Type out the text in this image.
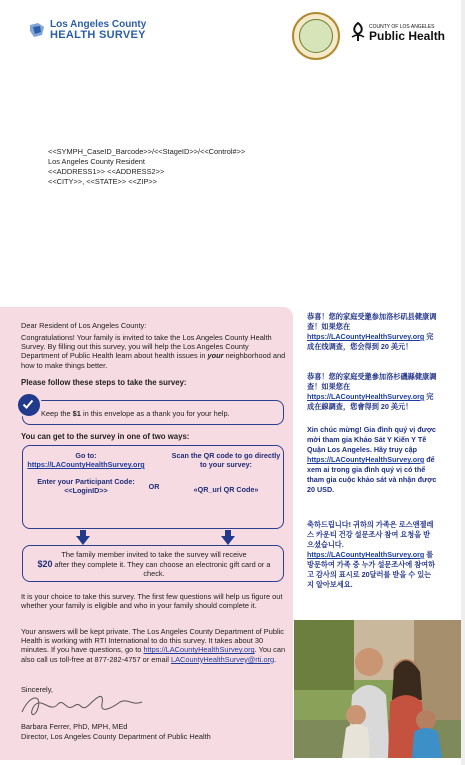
Los Angeles County
HEALTH SURVEY
COUNTY OF LOS ANGELES
Public Health
<<SYMPH_CaseID_Barcode>>/<<StageID>>/<<Control#>>
Los Angeles County Resident
<<ADDRESS1>> <<ADDRESS2>>
<<CITY>>, <<STATE>> <<ZIP>>
Dear Resident of Los Angeles County:
Congratulations! Your family is invited to take the Los Angeles County Health Survey. By filling out this survey, you will help the Los Angeles County Department of Public Health learn about health issues in your neighborhood and how to make things better.
Please follow these steps to take the survey:
Keep the $1 in this envelope as a thank you for your help.
You can get to the survey in one of two ways:
Go to:
https://LACountyHealthSurvey.org
Enter your Participant Code:
<<LoginID>>	OR
Scan the QR code to go directly to your survey:
«QR_url QR Code»
The family member invited to take the survey will receive
$20 after they complete it. They can choose an electronic gift card or a check.
It is your choice to take this survey. The first few questions will help us figure out whether your family is eligible and who in your family should complete it.
Your answers will be kept private. The Los Angeles County Department of Public Health is working with RTI International to do this survey. It takes about 30 minutes. If you have questions, go to https://LACountyHealthSurvey.org. You can also call us toll-free at 877-282-4757 or email LACountyHealthSurvey@rti.org.
Sincerely,
Barbara Ferrer, PhD, MPH, MEd
Director, Los Angeles County Department of Public Health
恭喜！您的家庭受邀参加洛杉矶县健康调查！如果您在 https://LACountyHealthSurvey.org 完成在线调查，您会得到 20 美元！
恭喜！您的家庭受邀參加洛杉磯縣健康調查！如果您在 https://LACountyHealthSurvey.org 完成在線調查，您會得到 20 美元！
Xin chúc mừng! Gia đình quý vị được mời tham gia Khảo Sát Y Kiến Y Tế Quận Los Angeles. Hãy truy cập https://LACountyHealthSurvey.org để xem ai trong gia đình quý vị có thể tham gia cuộc khảo sát và nhận được 20 USD.
축하드립니다! 귀하의 가족은 로스앤젤레스 카운티 건강 설문조사 참여 요청을 받으셨습니다. https://LACountyHealthSurvey.org 를 방문하여 가족 중 누가 설문조사에 참여하고 감사의 표시로 20달러를 받을 수 있는지 알아보세요.
